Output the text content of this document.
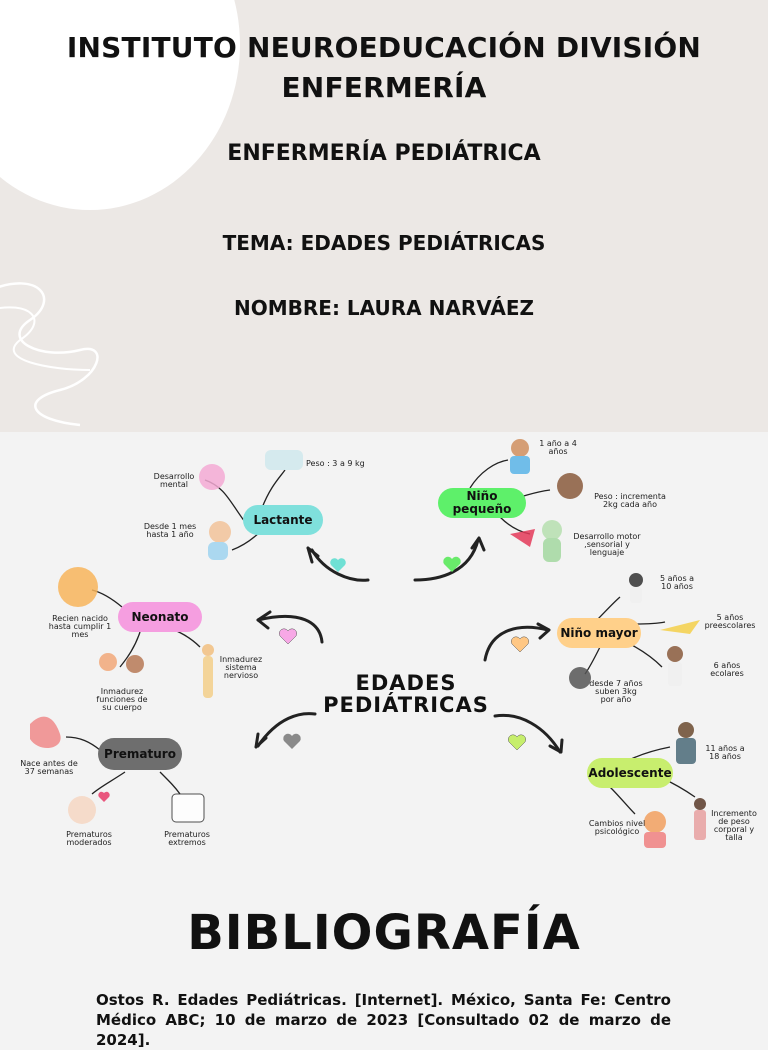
INSTITUTO NEUROEDUCACIÓN DIVISIÓN ENFERMERÍA
ENFERMERÍA PEDIÁTRICA
TEMA: EDADES PEDIÁTRICAS
NOMBRE: LAURA NARVÁEZ
EDADES PEDIÁTRICAS
Lactante
Neonato
Prematuro
Niño pequeño
Niño mayor
Adolescente
Desarrollo mental
Peso : 3 a 9 kg
Desde 1 mes hasta 1 año
Recien nacido hasta cumplir 1 mes
Inmadurez sistema nervioso
Inmadurez funciones de su cuerpo
Nace antes de 37 semanas
Prematuros moderados
Prematuros extremos
1 año a 4 años
Peso : incrementa 2kg cada año
Desarrollo motor ,sensorial y lenguaje
5 años a 10 años
5 años preescolares
6 años ecolares
desde 7 años suben 3kg por año
11 años a 18 años
Incremento de peso corporal y talla
Cambios nivel psicológico
BIBLIOGRAFÍA
Ostos R. Edades Pediátricas. [Internet]. México, Santa Fe: Centro Médico ABC; 10 de marzo de 2023 [Consultado 02 de marzo de 2024].
